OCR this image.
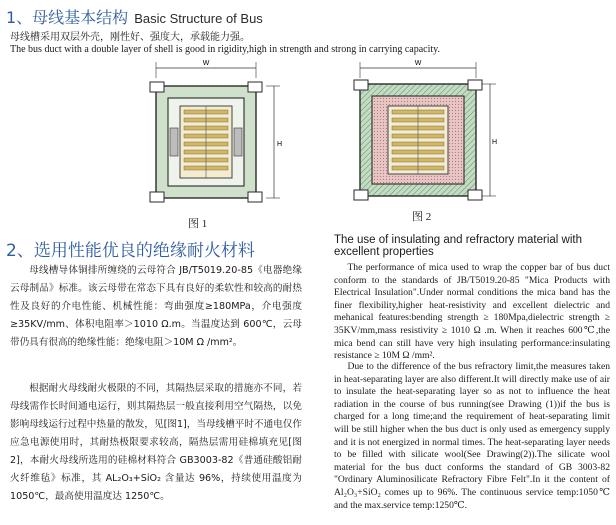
1、母线基本结构 Basic Structure of Bus
母线槽采用双层外壳，刚性好、强度大，承载能力强。
The bus duct with a double layer of shell is good in rigidity,high in strength and strong in carrying capacity.
W
H
图 1
W
H
图 2
2、选用性能优良的绝缘耐火材料
The use of insulating and refractory material with excellent properties

母线槽导体铜排所缠绕的云母符合 JB/T5019.20-85《电器绝缘云母制品》标准。该云母带在常态下具有良好的柔软性和较高的耐热性及良好的介电性能、机械性能：弯曲强度≥180MPa，介电强度≥35KV/mm、体积电阻率＞1010 Ω.m。当温度达到 600℃，云母带仍具有很高的绝缘性能：绝缘电阻＞10M Ω /mm²。

根据耐火母线耐火极限的不同，其隔热层采取的措施亦不同，若母线需作长时间通电运行，则其隔热层一般直接利用空气隔热，以免影响母线运行过程中热量的散发，见[图1]，当母线槽平时不通电仅作应急电源使用时，其耐热极限要求较高，隔热层需用硅棉填充见[图2]，本耐火母线所选用的硅棉材料符合 GB3003-82《普通硅酸铝耐火纤维毡》标准，其 AL₂O₃+SiO₂ 含量达 96%，持续使用温度为 1050℃，最高使用温度达 1250℃。

The performance of mica used to wrap the copper bar of bus duct conform to the standards of JB/T5019.20-85 "Mica Products with Electrical Insulation".Under normal conditions the mica band has the finer flexibility,higher heat-resistivity and excellent dielectric and mehanical features:bending strength ≥ 180Mpa,dielectric strength ≥ 35KV/mm,mass resistivity ≥ 1010 Ω .m. When it reaches 600℃,the mica bend can still have very high insulating performance:insulating resistance ≥ 10M Ω /mm².

Due to the difference of the bus refractory limit,the measures taken in heat-separating layer are also different.It will directly make use of air to insulate the heat-separating layer so as not to influence the heat radiation in the course of bus running(see Drawing (1))if the bus is charged for a long time;and the requirement of heat-separating limit will be still higher when the bus duct is only used as emergency supply and it is not energized in normal times. The heat-separating layer needs to be filled with silicate wool(See Drawing(2)).The silicate wool material for the bus duct conforms the standard of GB 3003-82 "Ordinary Aluminosilicate Refractory Fibre Felt".In it the content of Al₂O₃+SiO₂ comes up to 96%. The continuous service temp:1050℃ and the max.service temp:1250℃.
